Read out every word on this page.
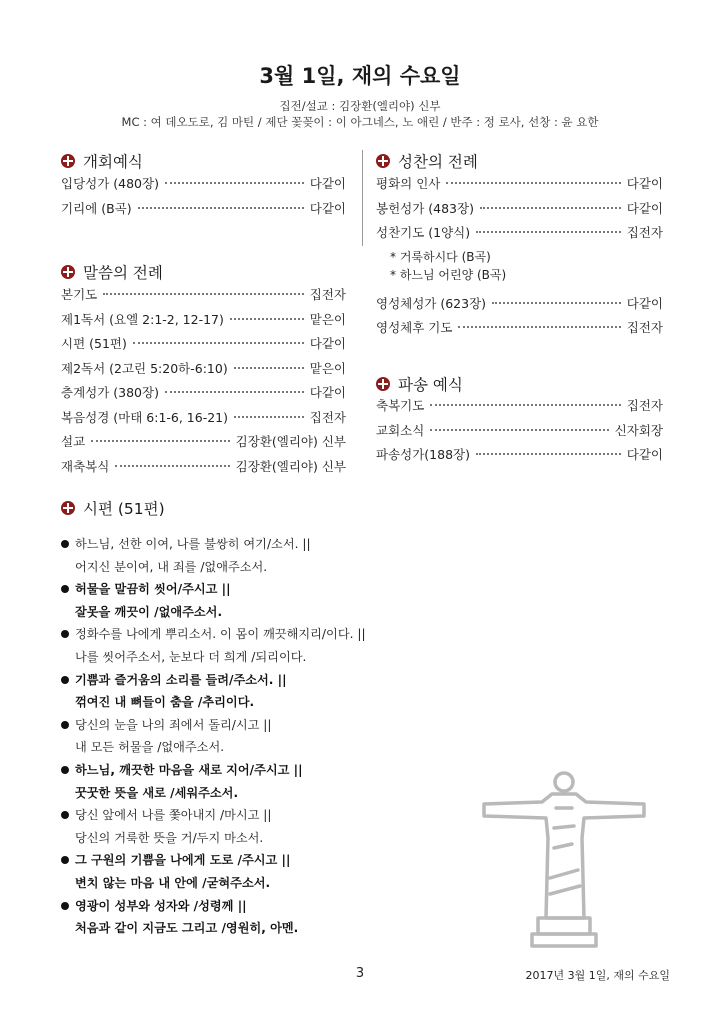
3월 1일, 재의 수요일
집전/설교 : 김장환(엘리야) 신부
MC : 여 데오도로, 김 마틴 / 제단 꽃꽂이 : 이 아그네스, 노 애린 / 반주 : 정 로사, 선창 : 윤 요한
개회예식
입당성가 (480장)	다같이
기리에 (B곡)	다같이
말씀의 전례
본기도	집전자
제1독서 (요엘 2:1-2, 12-17)	맡은이
시편 (51편)	다같이
제2독서 (2고린 5:20하-6:10)	맡은이
층계성가 (380장)	다같이
복음성경 (마태 6:1-6, 16-21)	집전자
설교	김장환(엘리야) 신부
재축복식	김장환(엘리야) 신부
성찬의 전례
평화의 인사	다같이
봉헌성가 (483장)	다같이
성찬기도 (1양식)	집전자
* 거룩하시다 (B곡)
* 하느님 어린양 (B곡)
영성체성가 (623장)	다같이
영성체후 기도	집전자
파송 예식
축복기도	집전자
교회소식	신자회장
파송성가(188장)	다같이
시편 (51편)
하느님, 선한 이여, 나를 불쌍히 여기/소서. ||
어지신 분이여, 내 죄를 /없애주소서.
허물을 말끔히 씻어/주시고 ||
잘못을 깨끗이 /없애주소서.
정화수를 나에게 뿌리소서. 이 몸이 깨끗해지리/이다. ||
나를 씻어주소서, 눈보다 더 희게 /되리이다.
기쁨과 즐거움의 소리를 들려/주소서. ||
꺾여진 내 뼈들이 춤을 /추리이다.
당신의 눈을 나의 죄에서 돌리/시고 ||
내 모든 허물을 /없애주소서.
하느님, 깨끗한 마음을 새로 지어/주시고 ||
꿋꿋한 뜻을 새로 /세워주소서.
당신 앞에서 나를 쫓아내지 /마시고 ||
당신의 거룩한 뜻을 거/두지 마소서.
그 구원의 기쁨을 나에게 도로 /주시고 ||
변치 않는 마음 내 안에 /굳혀주소서.
영광이 성부와 성자와 /성령께 ||
처음과 같이 지금도 그리고 /영원히, 아멘.
3	2017년 3월 1일, 재의 수요일
